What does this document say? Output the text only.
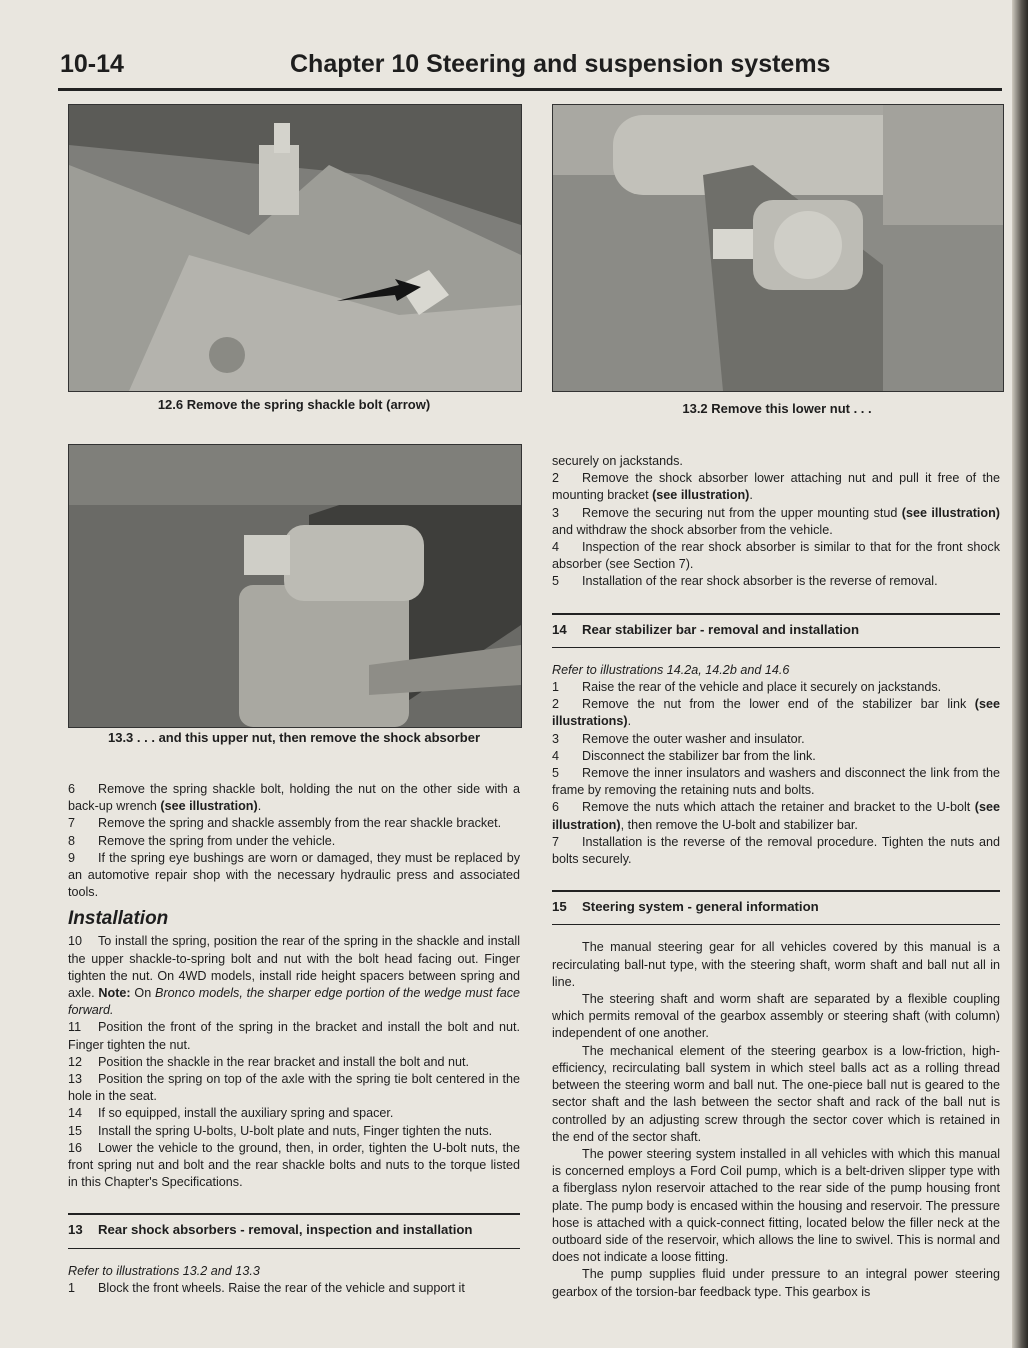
10-14	Chapter 10 Steering and suspension systems
12.6 Remove the spring shackle bolt (arrow)	13.2 Remove this lower nut . . .
13.3 . . . and this upper nut, then remove the shock absorber

6 Remove the spring shackle bolt, holding the nut on the other side with a back-up wrench (see illustration).

7 Remove the spring and shackle assembly from the rear shackle bracket.

8 Remove the spring from under the vehicle.

9 If the spring eye bushings are worn or damaged, they must be replaced by an automotive repair shop with the necessary hydraulic press and associated tools.

Installation

10 To install the spring, position the rear of the spring in the shackle and install the upper shackle-to-spring bolt and nut with the bolt head facing out. Finger tighten the nut. On 4WD models, install ride height spacers between spring and axle. Note: On Bronco models, the sharper edge portion of the wedge must face forward.

11 Position the front of the spring in the bracket and install the bolt and nut. Finger tighten the nut.

12 Position the shackle in the rear bracket and install the bolt and nut.

13 Position the spring on top of the axle with the spring tie bolt centered in the hole in the seat.

14 If so equipped, install the auxiliary spring and spacer.

15 Install the spring U-bolts, U-bolt plate and nuts, Finger tighten the nuts.

16 Lower the vehicle to the ground, then, in order, tighten the U-bolt nuts, the front spring nut and bolt and the rear shackle bolts and nuts to the torque listed in this Chapter's Specifications.

13 Rear shock absorbers - removal, inspection and installation

Refer to illustrations 13.2 and 13.3

1 Block the front wheels. Raise the rear of the vehicle and support it

securely on jackstands.

2 Remove the shock absorber lower attaching nut and pull it free of the mounting bracket (see illustration).

3 Remove the securing nut from the upper mounting stud (see illustration) and withdraw the shock absorber from the vehicle.

4 Inspection of the rear shock absorber is similar to that for the front shock absorber (see Section 7).

5 Installation of the rear shock absorber is the reverse of removal.

14 Rear stabilizer bar - removal and installation

Refer to illustrations 14.2a, 14.2b and 14.6

1 Raise the rear of the vehicle and place it securely on jackstands.

2 Remove the nut from the lower end of the stabilizer bar link (see illustrations).

3 Remove the outer washer and insulator.

4 Disconnect the stabilizer bar from the link.

5 Remove the inner insulators and washers and disconnect the link from the frame by removing the retaining nuts and bolts.

6 Remove the nuts which attach the retainer and bracket to the U-bolt (see illustration), then remove the U-bolt and stabilizer bar.

7 Installation is the reverse of the removal procedure. Tighten the nuts and bolts securely.

15 Steering system - general information

The manual steering gear for all vehicles covered by this manual is a recirculating ball-nut type, with the steering shaft, worm shaft and ball nut all in line.

The steering shaft and worm shaft are separated by a flexible coupling which permits removal of the gearbox assembly or steering shaft (with column) independent of one another.

The mechanical element of the steering gearbox is a low-friction, high-efficiency, recirculating ball system in which steel balls act as a rolling thread between the steering worm and ball nut. The one-piece ball nut is geared to the sector shaft and the lash between the sector shaft and rack of the ball nut is controlled by an adjusting screw through the sector cover which is retained in the end of the sector shaft.

The power steering system installed in all vehicles with which this manual is concerned employs a Ford Coil pump, which is a belt-driven slipper type with a fiberglass nylon reservoir attached to the rear side of the pump housing front plate. The pump body is encased within the housing and reservoir. The pressure hose is attached with a quick-connect fitting, located below the filler neck at the outboard side of the reservoir, which allows the line to swivel. This is normal and does not indicate a loose fitting.

The pump supplies fluid under pressure to an integral power steering gearbox of the torsion-bar feedback type. This gearbox is
